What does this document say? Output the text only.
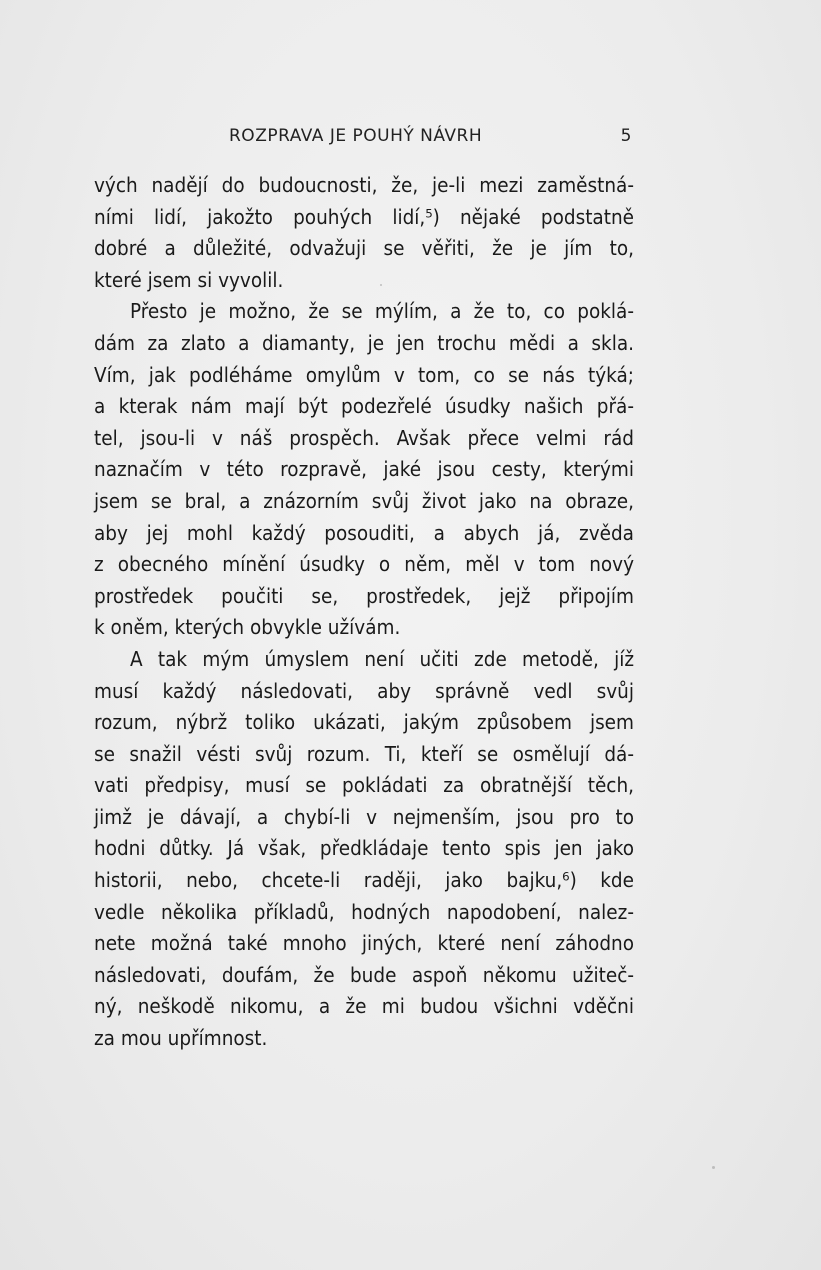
ROZPRAVA JE POUHÝ NÁVRH	5
vých nadějí do budoucnosti, že, je-li mezi zaměstná-
ními lidí, jakožto pouhých lidí,⁵) nějaké podstatně
dobré a důležité, odvažuji se věřiti, že je jím to,
které jsem si vyvolil.
Přesto je možno, že se mýlím, a že to, co poklá-
dám za zlato a diamanty, je jen trochu mědi a skla.
Vím, jak podléháme omylům v tom, co se nás týká;
a kterak nám mají být podezřelé úsudky našich přá-
tel, jsou-li v náš prospěch. Avšak přece velmi rád
naznačím v této rozpravě, jaké jsou cesty, kterými
jsem se bral, a znázorním svůj život jako na obraze,
aby jej mohl každý posouditi, a abych já, zvěda
z obecného mínění úsudky o něm, měl v tom nový
prostředek poučiti se, prostředek, jejž připojím
k oněm, kterých obvykle užívám.
A tak mým úmyslem není učiti zde metodě, jíž
musí každý následovati, aby správně vedl svůj
rozum, nýbrž toliko ukázati, jakým způsobem jsem
se snažil vésti svůj rozum. Ti, kteří se osmělují dá-
vati předpisy, musí se pokládati za obratnější těch,
jimž je dávají, a chybí-li v nejmenším, jsou pro to
hodni důtky. Já však, předkládaje tento spis jen jako
historii, nebo, chcete-li raději, jako bajku,⁶) kde
vedle několika příkladů, hodných napodobení, nalez-
nete možná také mnoho jiných, které není záhodno
následovati, doufám, že bude aspoň někomu užiteč-
ný, neškodě nikomu, a že mi budou všichni vděčni
za mou upřímnost.
